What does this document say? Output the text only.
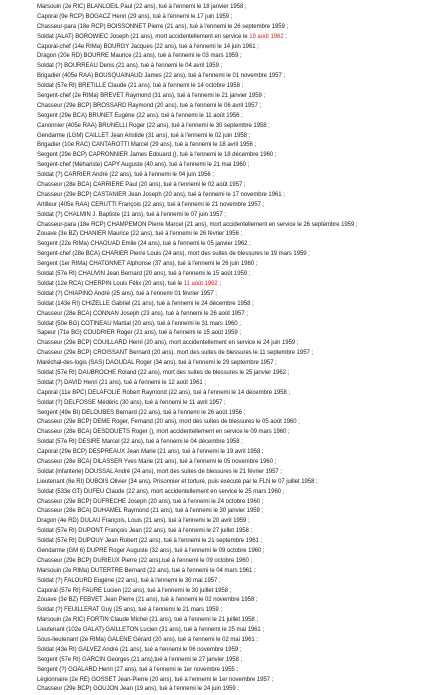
Marsouin (2e RIC) BLANLOEIL Paul (22 ans), tué à l'ennemi le 18 janvier 1958 ;
Caporal (9e RCP) BOGACZ Henri (29 ans), tué à l'ennemi le 17 juin 1959 ;
Chasseur-para (18e RCP) BOISSONNET Pierre (21 ans), tué à l'ennemi le 26 septembre 1959 ;
Soldat (ALAT) BOROWIEC Joseph (21 ans), mort accidentellement en service le 19 août 1962 ;
Caporal-chef (14e RIMa) BOURGY Jacques (22 ans), tué à l'ennemi le 14 juin 1961 ;
Dragon (20e RD) BOURRE Maurice (21 ans), tué à l'ennemi le 03 mars 1959 ;
Soldat (?) BOURREAU Denis (21 ans), tué à l'ennemi le 04 avril 1959 ;
Brigadier (405e RAA) BOUSQUAINAUD James (22 ans), tué à l'ennemi le 01 novembre 1957 ;
Soldat (57e RI) BRETILLE Claude (21 ans), tué à l'ennemi le 14 octobre 1958 ;
Sergent-chef (2e RIMa) BREVET Raymond (31 ans), tué à l'ennemi le 21 janvier 1959 ;
Chasseur (29e BCP) BROSSARD Raymond (20 ans), tué à l'ennemi le 06 avril 1957 ;
Sergent (29e BCA) BRUNET Eugène (22 ans), tué à l'ennemi le 11 août 1956 ;
Canonnier (405e RAA) BRUNELLI Roger (22 ans), tué à l'ennemi le 30 septembre 1958 ;
Gendarme (LGM) CAILLET Jean Aristide (31 ans), tué à l'ennemi le 02 juin 1958 ;
Brigadier (10e RAC) CANTAROTTI Marcel (29 ans), tué à l'ennemi le 18 avril 1956 ;
Sergent (29e BCP) CAPRONNIER James Édouard (), tué à l'ennemi le 18 décembre 1960 ;
Sergent-chef (Méhariste) CAPY Auguste (40 ans), tué à l'ennemi le 21 mai 1960 ;
Soldat (?) CARRIER André (22 ans), tué à l'ennemi le 04 juin 1956 ;
Chasseur (28e BCA) CARRIERE Paul (20 ans), tué à l'ennemi le 02 août 1957 ;
Chasseur (29e BCP) CASTANIER Jean Joseph (20 ans), tué à l'ennemi le 17 novembre 1961 ;
Artilleur (405e RAA) CERUTTI François (22 ans), tué à l'ennemi le 21 novembre 1957 ;
Soldat (?) CHALMIN J. Baptiste (21 ans), tué à l'ennemi le 07 juin 1957 ;
Chasseur-para (18e RCP) CHAMPEMON Pierre Marcel (21 ans), mort accidentellement en service le 26 septembre 1959 ;
Zouave (3e BZ) CHANIER Maurice (22 ans), tué à l'ennemi le 26 février 1956 ;
Sergent (22e RIMa) CHAOUAD Emile (24 ans), tué à l'ennemi le 05 janvier 1962 ;
Sergent-chef (28e BCA) CHARIER Pierre Louis (24 ans), mort des suites de blessures le 19 mars 1959 ;
Sergent (1er RIMa) CHATONNET Alphonse (37 ans), tué à l'ennemi le 26 juin 1960 ;
Soldat (57e RI) CHAUVIN Jean Bernard (20 ans), tué à l'ennemi le 15 août 1959 ;
Soldat (12e RCA) CHERPIN Louis Félix (20 ans), tué le 11 août 1962 ;
Soldat (?) CHIAPINO André (25 ans), tué à l'ennemi 01 février 1957 ;
Soldat (143e RI) CHIZELLE Gabriel (21 ans), tué à l'ennemi le 24 décembre 1958 ;
Chasseur (28e BCA) CONNAN Joseph (23 ans), tué à l'ennemi le 26 août 1957 ;
Soldat (50e BG) COTINEAU Martial (20 ans), tué à l'ennemi le 31 mars 1960 ;
Sapeur (71e BG) COUDRIER Roger (21 ans), tué à l'ennemi le 15 août 1959 ;
Chasseur (29e BCP) COUILLARD Henri (20 ans), mort accidentellement en service le 24 juin 1959 ;
Chasseur (29e BCP) CROISSANT Bernard (20 ans), mort des suites de blessures le 11 septembre 1957 ;
Maréchal-des-logis (SAS) DAOUDAL Roger (34 ans), tué à l'ennemi le 29 septembre 1957 ;
Soldat (57e RI) DAUBROCHE Roland (22 ans), mort des suites de blessures le 25 janvier 1962 ;
Soldat (?) DAVID Henri (21 ans), tué à l'ennemi le 12 août 1961 ;
Caporal (11e BPC) DELAFOLIE Robert Raymond (22 ans), tué à l'ennemi le 14 décembre 1958 ;
Soldat (?) DELFOSSE Médéric (30 ans), tué à l'ennemi le 11 avril 1957 ;
Sergent (49e BI) DELOUBES Bernard (22 ans), tué à l'ennemi le 26 août 1956 ;
Chasseur (29e BCP) DEME Roger, Fernand (20 ans), mort des suites de blessures le 05 août 1960 ;
Chasseur (28e BCA) DESDOUETS Roger (), mort accidentellement en service le 09 mars 1960 ;
Soldat (57e RI) DESIRE Marcel (22 ans), tué à l'ennemi le 04 décembre 1958 ;
Caporal (29e BCP) DESPREAUX Jean Marie (21 ans), tué à l'ennemi le 19 avril 1958 ;
Chasseur (28e BCA) DILASSER Yves Marie (21 ans), tué à l'ennemi le 05 novembre 1960 ;
Soldat (infanterie) DOUSSAL André (24 ans), mort des suites de blessures le 21 février 1957 ;
Lieutenant (8e RI) DUBOIS Olivier (34 ans), Prisonnier et torturé, puis exécuté par le FLN le 07 juillet 1958 ;
Soldat (533e GT) DUFEU Claude (22 ans), mort accidentellement en service le 25 mars 1960 ;
Chasseur (29e BCP) DUFRECHE Joseph (20 ans), tué à l'ennemi le 24 octobre 1960 ;
Chasseur (28e BCA) DUHAMEL Raymond (21 ans), tué à l'ennemi le 30 janvier 1959 ;
Dragon (4e RD) DULAU François, Louis (21 ans), tué à l'ennemi le 20 avril 1959 ;
Soldat (57e RI) DUPONT François Jean (22 ans), tué à l'ennemi le 27 juillet 1958 ;
Soldat (57e RI) DUPOUY Jean Robert (22 ans), tué à l'ennemi le 21 septembre 1961 ;
Gendarme (GM 6) DUPRE Roger Auguste (32 ans), tué à l'ennemi le 09 octobre 1960 ;
Chasseur (29e BCP) DURIEUX Pierre (22 ans),tué à l'ennemi le 09 octobre 1960 ;
Marsouin (2e RIMa) DUTERTRE Bernard (22 ans), tué à l'ennemi le 04 mars 1961 ;
Soldat (?) FALOURD Eugène (22 ans), tué à l'ennemi le 30 mai 1957 ;
Caporal (57e RI) FAURE Lucien (22 ans), tué à l'ennemi le 30 juillet 1958 ;
Zouave (3e BZ) FEBVET Jean Pierre (21 ans), tué à l'ennemi le 02 novembre 1958 ;
Soldat (?) FEUILLERAT Guy (25 ans), tué à l'ennemi le 21 mars 1959 ;
Marsouin (2e RIC) FORTIN Claude Michel (21 ans), tué à l'ennemi le 21 juillet 1958 ;
Lieutenant (102e GALAT) GAILLETON Lucien (31 ans), tué à l'ennemi le 25 mai 1961 ;
Sous-lieutenant (2e RIMa) GALENE Gérard (20 ans), tué à l'ennemi le 02 mai 1961 ;
Soldat (43e RI) GALVEZ André (21 ans), tué à l'ennemi le 06 novembre 1959 ;
Sergent (57e RI) GARCIN Georges (21 ans),tué à l'ennemi le 27 janvier 1958 ;
Sergent (?) GOALARD Henri (27 ans), tué à l'ennemi le 1er novembre 1955 ;
Légionnaire (2e RE) GOSSET Jean-Pierre (20 ans), tué à l'ennemi le 1er novembre 1957 ;
Chasseur (29e BCP) GOUJON Jean (19 ans), tué à l'ennemi le 24 juin 1959 ;
